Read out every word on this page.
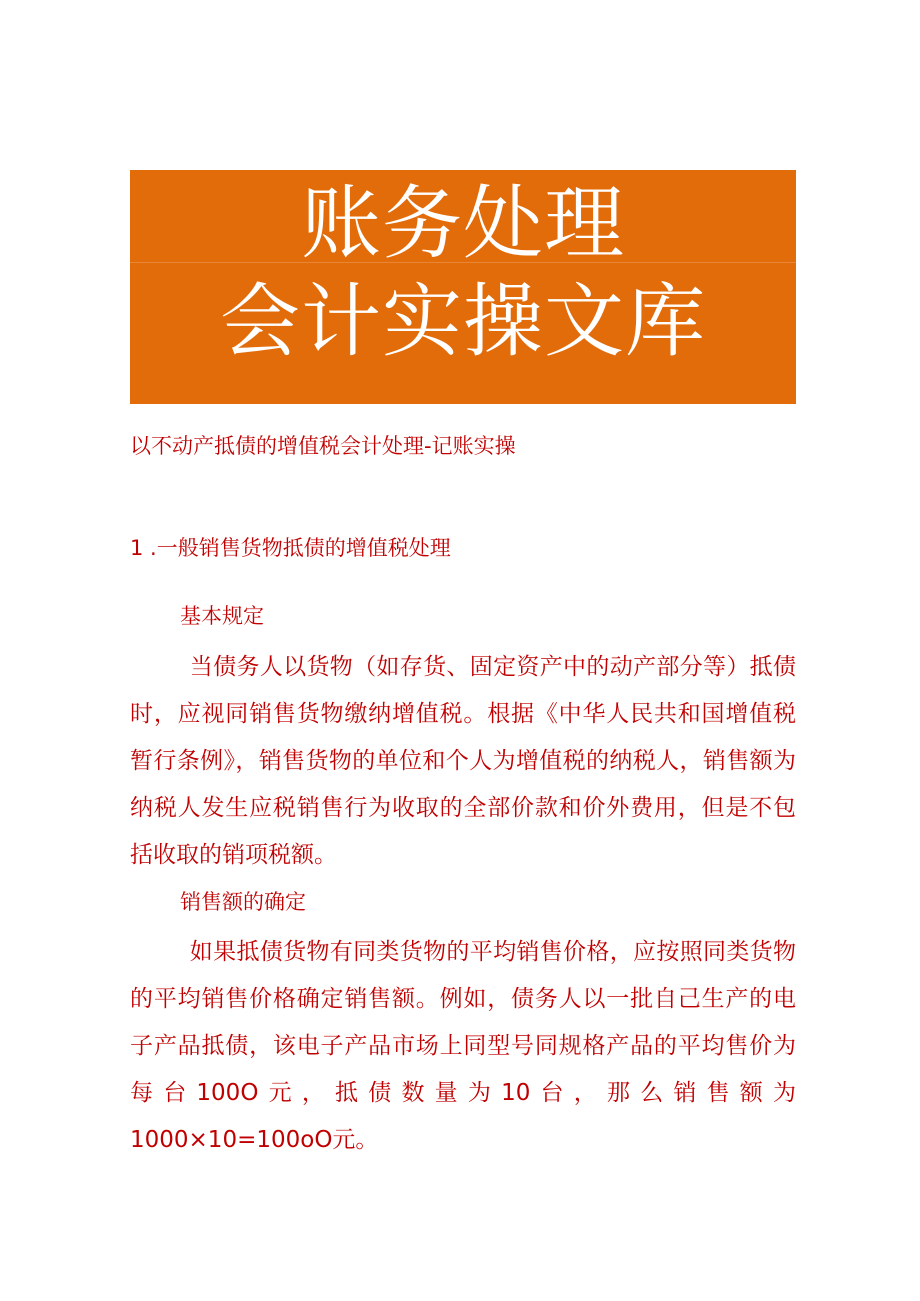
账务处理
会计实操文库
以不动产抵债的增值税会计处理-记账实操
1 .一般销售货物抵债的增值税处理
基本规定

当债务人以货物（如存货、固定资产中的动产部分等）抵债时，应视同销售货物缴纳增值税。根据《中华人民共和国增值税暂行条例》，销售货物的单位和个人为增值税的纳税人，销售额为纳税人发生应税销售行为收取的全部价款和价外费用，但是不包括收取的销项税额。

销售额的确定

如果抵债货物有同类货物的平均销售价格，应按照同类货物的平均销售价格确定销售额。例如，债务人以一批自己生产的电子产品抵债，该电子产品市场上同型号同规格产品的平均售价为每台100O元，抵债数量为10台，那么销售额为1000×10=100oO元。
